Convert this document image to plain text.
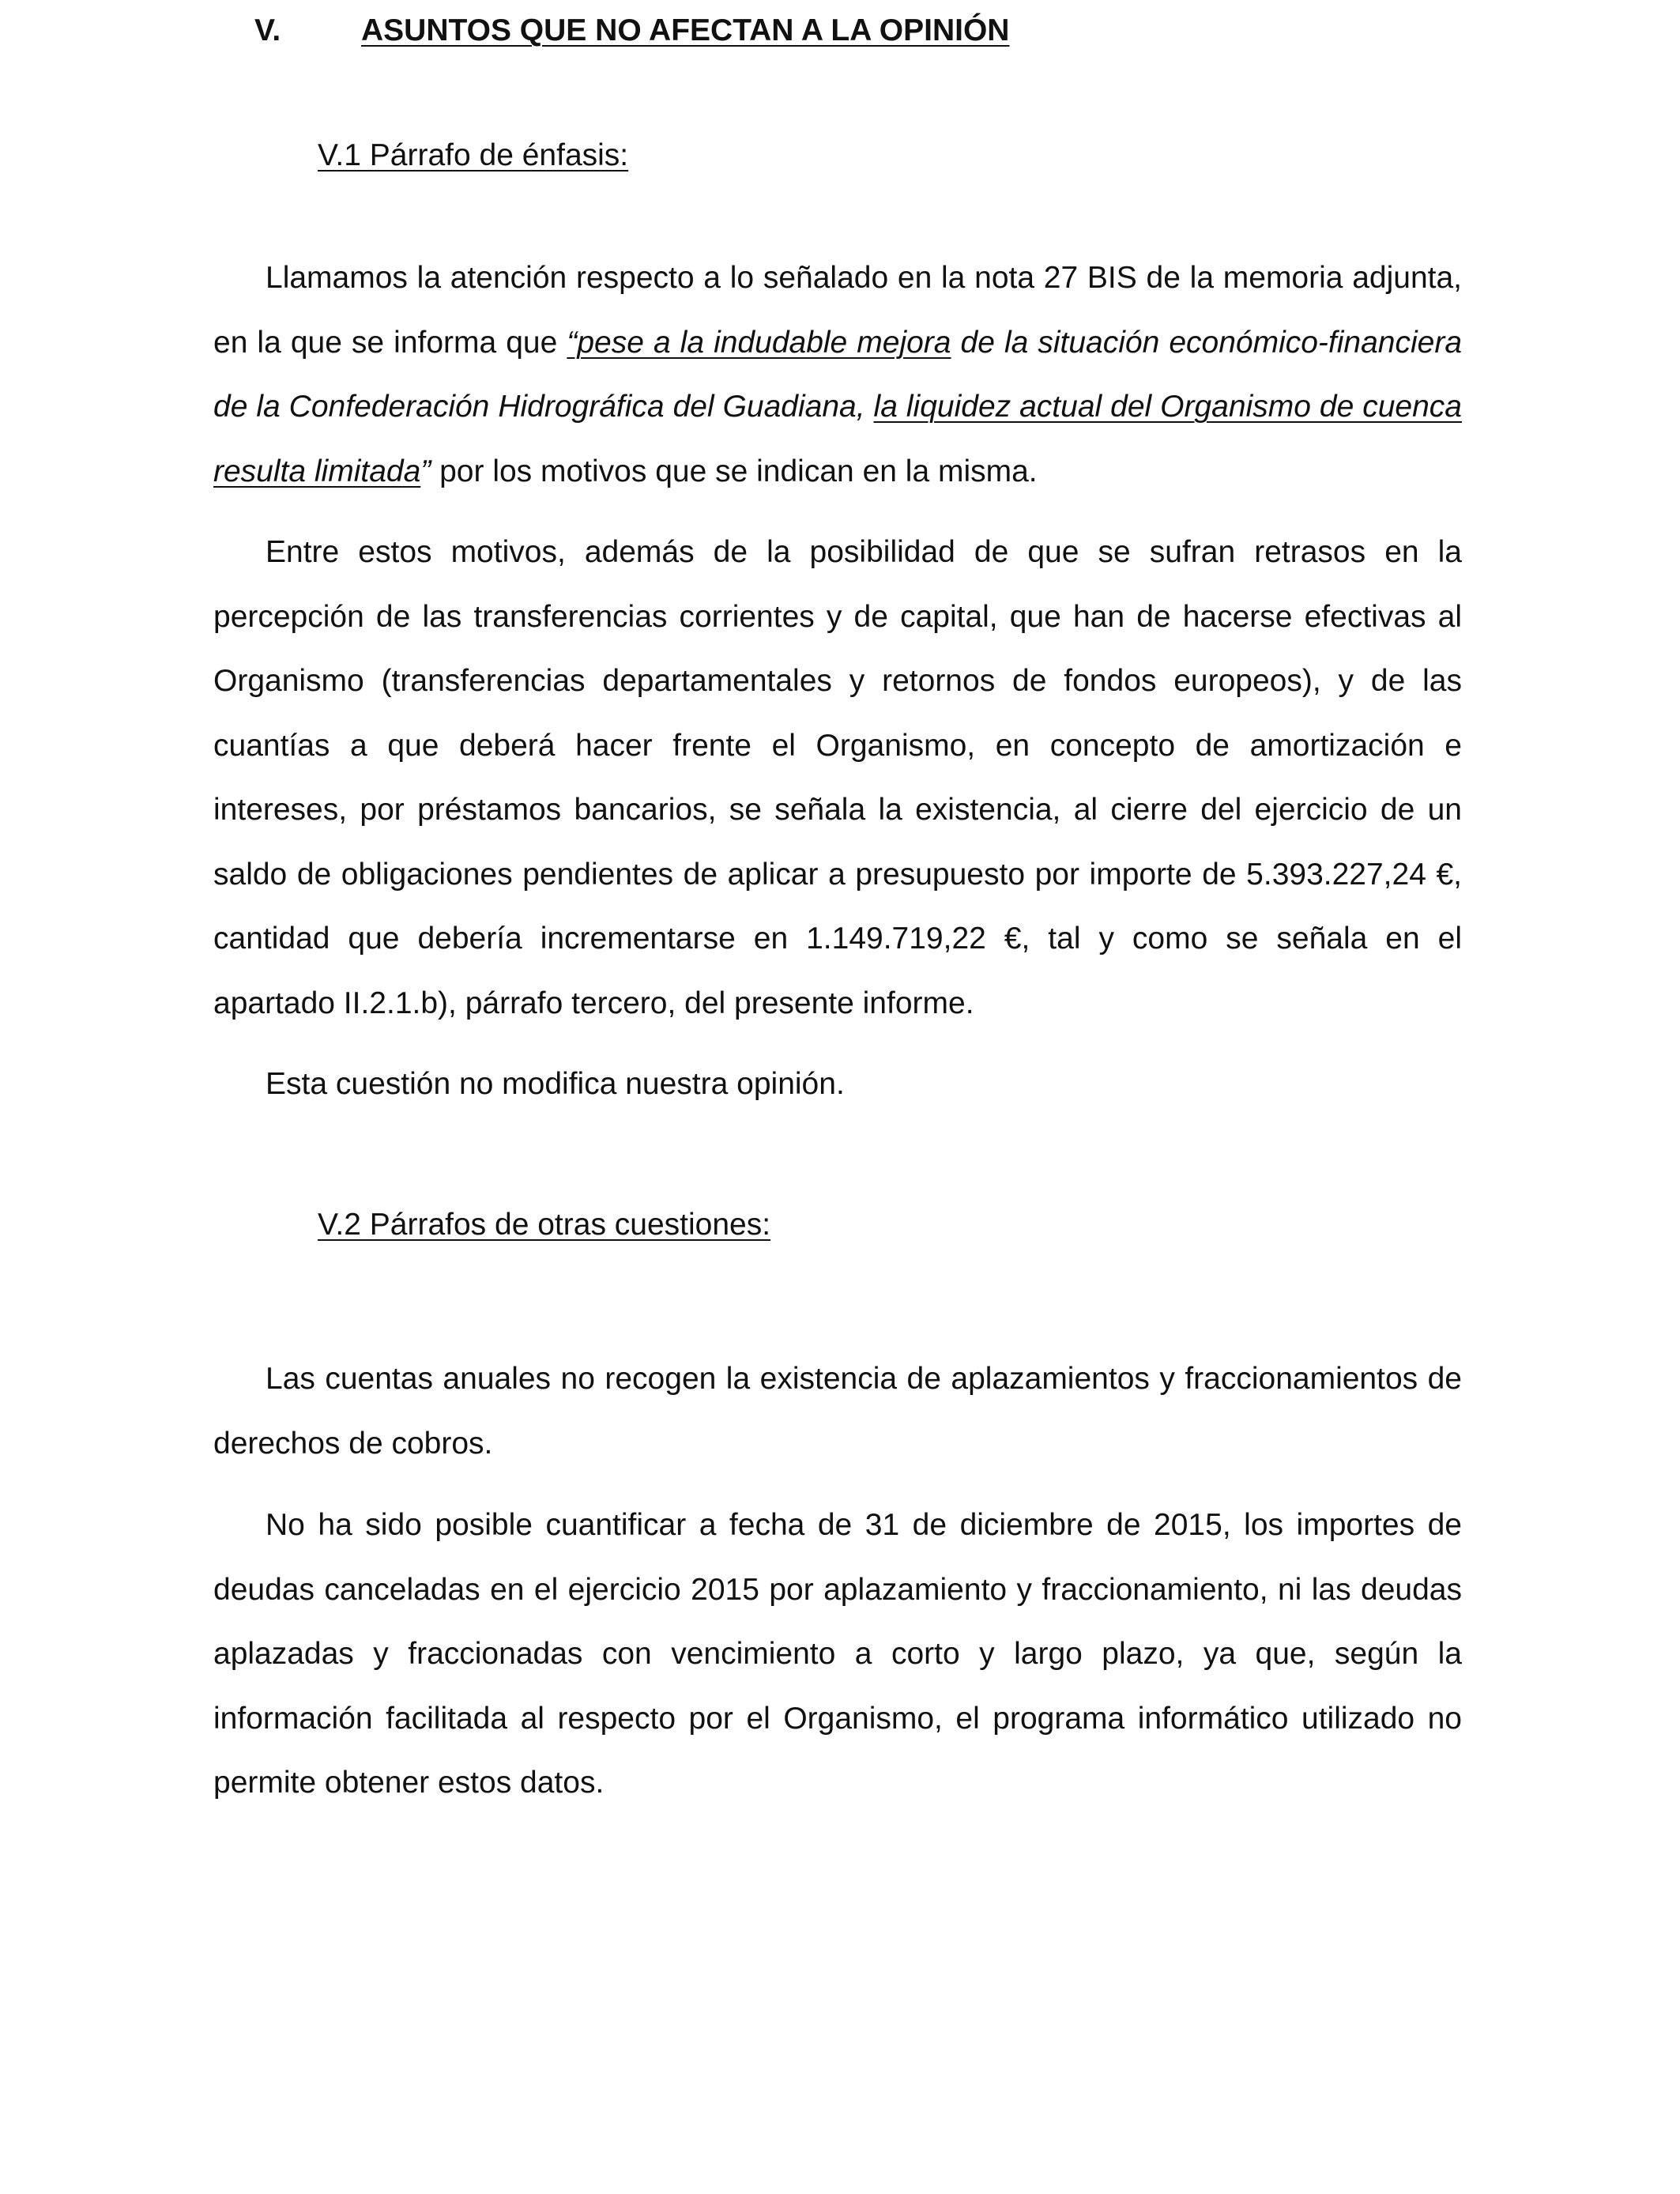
V.	ASUNTOS QUE NO AFECTAN A LA OPINIÓN
V.1 Párrafo de énfasis:

Llamamos la atención respecto a lo señalado en la nota 27 BIS de la memoria adjunta, en la que se informa que “pese a la indudable mejora de la situación económico-financiera de la Confederación Hidrográfica del Guadiana, la liquidez actual del Organismo de cuenca resulta limitada” por los motivos que se indican en la misma.

Entre estos motivos, además de la posibilidad de que se sufran retrasos en la percepción de las transferencias corrientes y de capital, que han de hacerse efectivas al Organismo (transferencias departamentales y retornos de fondos europeos), y de las cuantías a que deberá hacer frente el Organismo, en concepto de amortización e intereses, por préstamos bancarios, se señala la existencia, al cierre del ejercicio de un saldo de obligaciones pendientes de aplicar a presupuesto por importe de 5.393.227,24 €, cantidad que debería incrementarse en 1.149.719,22 €, tal y como se señala en el apartado II.2.1.b), párrafo tercero, del presente informe.

Esta cuestión no modifica nuestra opinión.

V.2 Párrafos de otras cuestiones:

Las cuentas anuales no recogen la existencia de aplazamientos y fraccionamientos de derechos de cobros.

No ha sido posible cuantificar a fecha de 31 de diciembre de 2015, los importes de deudas canceladas en el ejercicio 2015 por aplazamiento y fraccionamiento, ni las deudas aplazadas y fraccionadas con vencimiento a corto y largo plazo, ya que, según la información facilitada al respecto por el Organismo, el programa informático utilizado no permite obtener estos datos.
